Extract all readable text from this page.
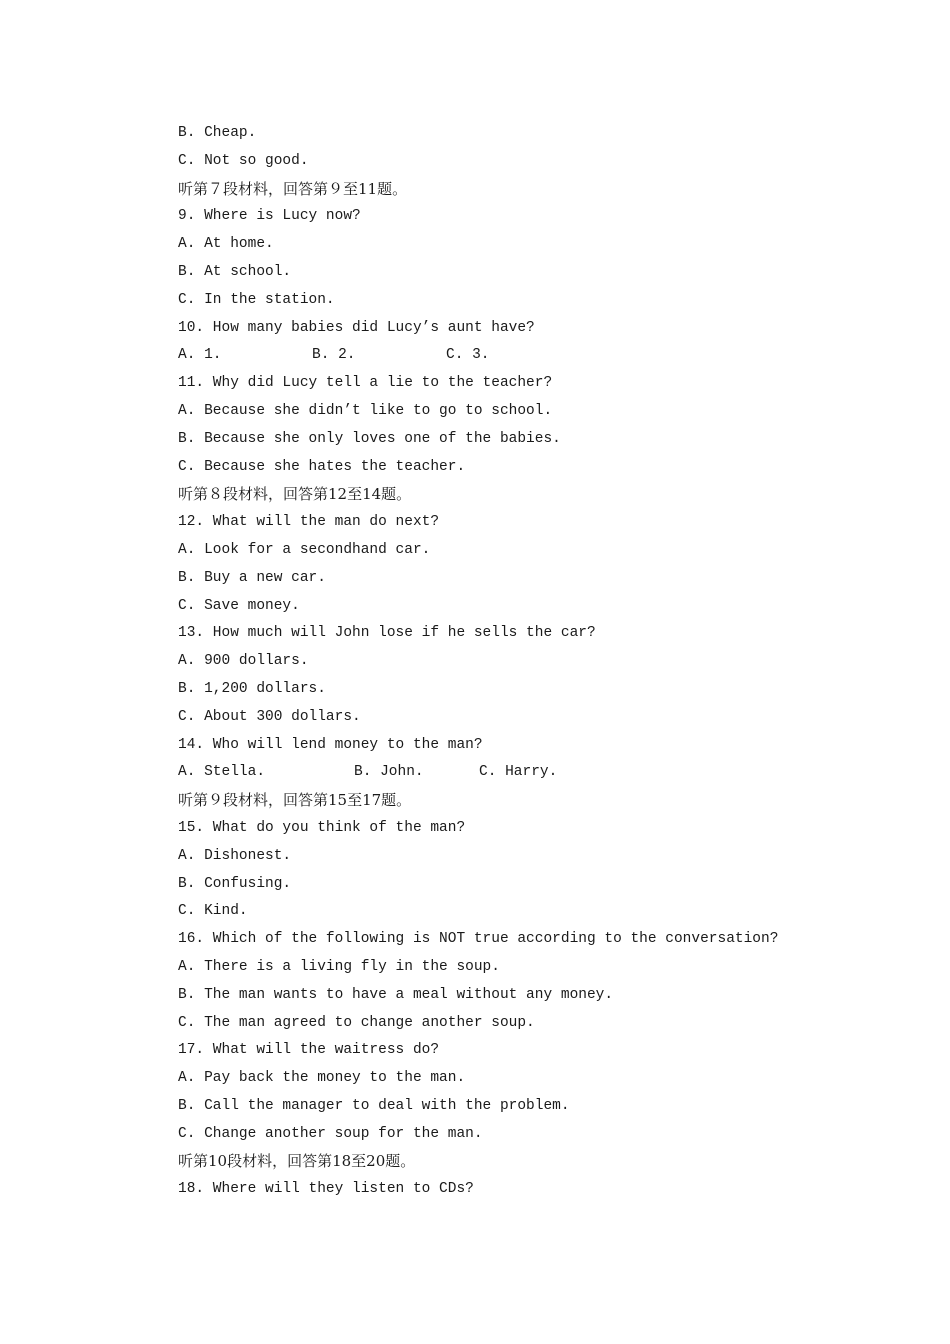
B. Cheap.
C. Not so good.
听第７段材料，回答第９至11题。
9. Where is Lucy now?
A. At home.
B. At school.
C. In the station.
10. How many babies did Lucy’s aunt have?
A. 1.	B. 2.	C. 3.
11. Why did Lucy tell a lie to the teacher?
A. Because she didn’t like to go to school.
B. Because she only loves one of the babies.
C. Because she hates the teacher.
听第８段材料，回答第12至14题。
12. What will the man do next?
A. Look for a secondhand car.
B. Buy a new car.
C. Save money.
13. How much will John lose if he sells the car?
A. 900 dollars.
B. 1,200 dollars.
C. About 300 dollars.
14. Who will lend money to the man?
A. Stella.	B. John.	C. Harry.
听第９段材料，回答第15至17题。
15. What do you think of the man?
A. Dishonest.
B. Confusing.
C. Kind.
16. Which of the following is NOT true according to the conversation?
A. There is a living fly in the soup.
B. The man wants to have a meal without any money.
C. The man agreed to change another soup.
17. What will the waitress do?
A. Pay back the money to the man.
B. Call the manager to deal with the problem.
C. Change another soup for the man.
听第10段材料，回答第18至20题。
18. Where will they listen to CDs?
